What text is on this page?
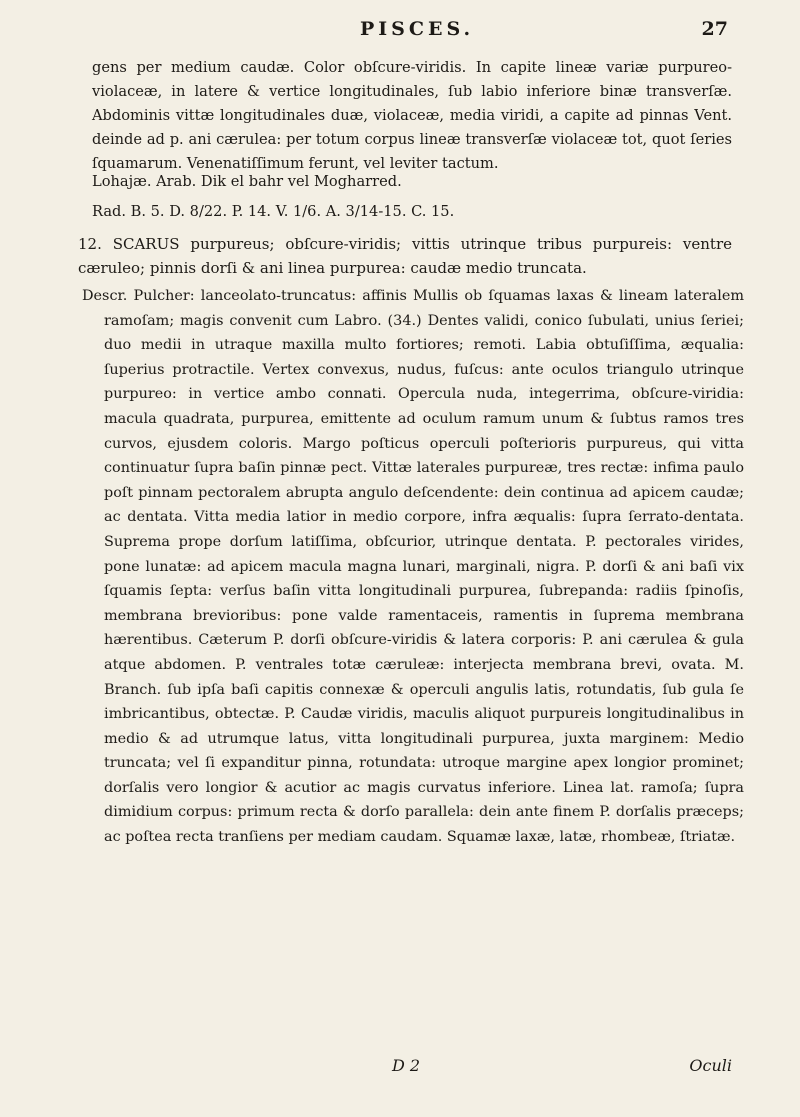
PISCES.	27

gens per medium caudæ. Color obſcure-viridis. In capite lineæ variæ purpureo-violaceæ, in latere & vertice longitudinales, ſub labio inferiore binæ transverſæ. Abdominis vittæ longitudinales duæ, violaceæ, media viridi, a capite ad pinnas Vent. deinde ad p. ani cærulea: per totum corpus lineæ transverſæ violaceæ tot, quot ſeries ſquamarum. Venenatiſſimum ferunt, vel leviter tactum.

Lohajæ. Arab. Dik el bahr vel Mogharred.

Rad. B. 5. D. 8/22. P. 14. V. 1/6. A. 3/14-15. C. 15.

12. SCARUS purpureus; obſcure-viridis; vittis utrinque tribus purpureis: ventre cæruleo; pinnis dorſi & ani linea purpurea: caudæ medio truncata.

Descr. Pulcher: lanceolato-truncatus: affinis Mullis ob ſquamas laxas & lineam lateralem ramoſam; magis convenit cum Labro. (34.) Dentes validi, conico ſubulati, unius ſeriei; duo medii in utraque maxilla multo fortiores; remoti. Labia obtuſiſſima, æqualia: ſuperius protractile. Vertex convexus, nudus, fuſcus: ante oculos triangulo utrinque purpureo: in vertice ambo connati. Opercula nuda, integerrima, obſcure-viridia: macula quadrata, purpurea, emittente ad oculum ramum unum & ſubtus ramos tres curvos, ejusdem coloris. Margo poſticus operculi poſterioris purpureus, qui vitta continuatur ſupra baſin pinnæ pect. Vittæ laterales purpureæ, tres rectæ: infima paulo poſt pinnam pectoralem abrupta angulo deſcendente: dein continua ad apicem caudæ; ac dentata. Vitta media latior in medio corpore, infra æqualis: ſupra ſerrato-dentata. Suprema prope dorſum latiſſima, obſcurior, utrinque dentata. P. pectorales virides, pone lunatæ: ad apicem macula magna lunari, marginali, nigra. P. dorſi & ani baſi vix ſquamis ſepta: verſus baſin vitta longitudinali purpurea, ſubrepanda: radiis ſpinoſis, membrana brevioribus: pone valde ramentaceis, ramentis in ſuprema membrana hærentibus. Cæterum P. dorſi obſcure-viridis & latera corporis: P. ani cærulea & gula atque abdomen. P. ventrales totæ cæruleæ: interjecta membrana brevi, ovata. M. Branch. ſub ipſa baſi capitis connexæ & operculi angulis latis, rotundatis, ſub gula ſe imbricantibus, obtectæ. P. Caudæ viridis, maculis aliquot purpureis longitudinalibus in medio & ad utrumque latus, vitta longitudinali purpurea, juxta marginem: Medio truncata; vel ſi expanditur pinna, rotundata: utroque margine apex longior prominet; dorſalis vero longior & acutior ac magis curvatus inferiore. Linea lat. ramoſa; ſupra dimidium corpus: primum recta & dorſo parallela: dein ante finem P. dorſalis præceps; ac poſtea recta tranſiens per mediam caudam. Squamæ laxæ, latæ, rhombeæ, ſtriatæ.

D 2	Oculi
